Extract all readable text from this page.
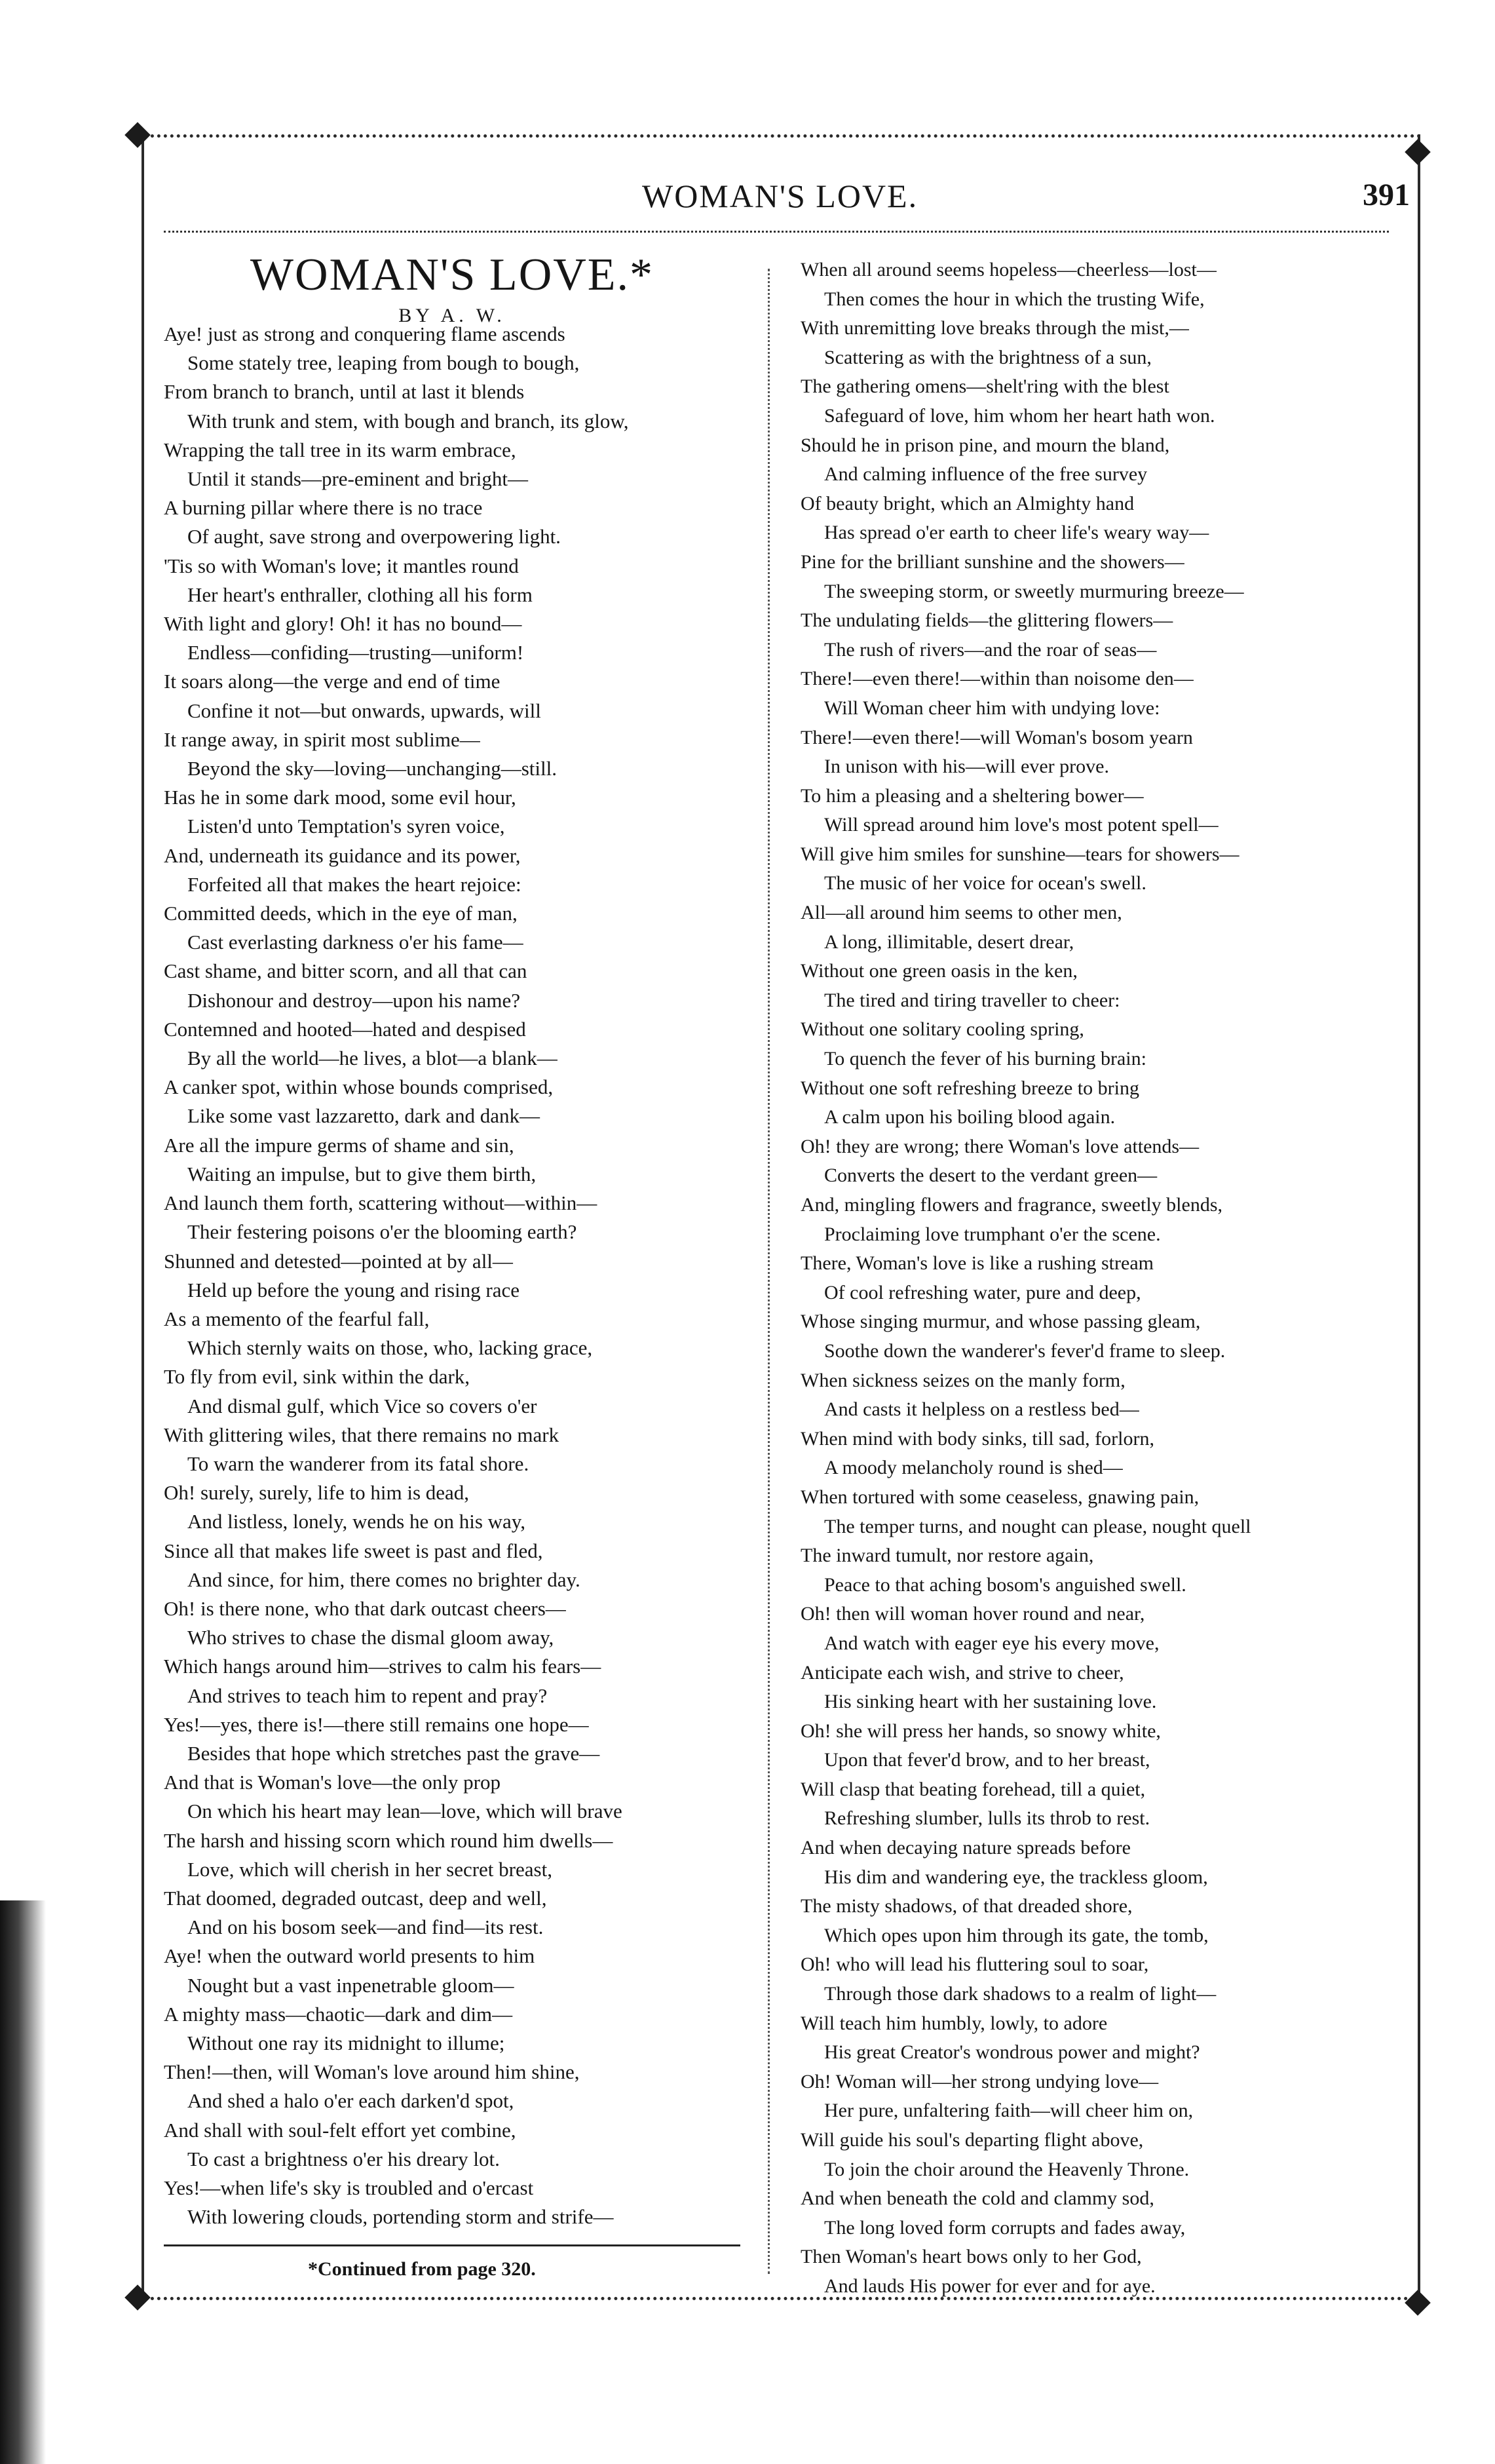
WOMAN'S LOVE.	391
WOMAN'S LOVE.*
BY A. W.
Aye! just as strong and conquering flame ascends
Some stately tree, leaping from bough to bough,
From branch to branch, until at last it blends
With trunk and stem, with bough and branch, its glow,
Wrapping the tall tree in its warm embrace,
Until it stands—pre-eminent and bright—
A burning pillar where there is no trace
Of aught, save strong and overpowering light.
'Tis so with Woman's love; it mantles round
Her heart's enthraller, clothing all his form
With light and glory! Oh! it has no bound—
Endless—confiding—trusting—uniform!
It soars along—the verge and end of time
Confine it not—but onwards, upwards, will
It range away, in spirit most sublime—
Beyond the sky—loving—unchanging—still.
Has he in some dark mood, some evil hour,
Listen'd unto Temptation's syren voice,
And, underneath its guidance and its power,
Forfeited all that makes the heart rejoice:
Committed deeds, which in the eye of man,
Cast everlasting darkness o'er his fame—
Cast shame, and bitter scorn, and all that can
Dishonour and destroy—upon his name?
Contemned and hooted—hated and despised
By all the world—he lives, a blot—a blank—
A canker spot, within whose bounds comprised,
Like some vast lazzaretto, dark and dank—
Are all the impure germs of shame and sin,
Waiting an impulse, but to give them birth,
And launch them forth, scattering without—within—
Their festering poisons o'er the blooming earth?
Shunned and detested—pointed at by all—
Held up before the young and rising race
As a memento of the fearful fall,
Which sternly waits on those, who, lacking grace,
To fly from evil, sink within the dark,
And dismal gulf, which Vice so covers o'er
With glittering wiles, that there remains no mark
To warn the wanderer from its fatal shore.
Oh! surely, surely, life to him is dead,
And listless, lonely, wends he on his way,
Since all that makes life sweet is past and fled,
And since, for him, there comes no brighter day.
Oh! is there none, who that dark outcast cheers—
Who strives to chase the dismal gloom away,
Which hangs around him—strives to calm his fears—
And strives to teach him to repent and pray?
Yes!—yes, there is!—there still remains one hope—
Besides that hope which stretches past the grave—
And that is Woman's love—the only prop
On which his heart may lean—love, which will brave
The harsh and hissing scorn which round him dwells—
Love, which will cherish in her secret breast,
That doomed, degraded outcast, deep and well,
And on his bosom seek—and find—its rest.
Aye! when the outward world presents to him
Nought but a vast inpenetrable gloom—
A mighty mass—chaotic—dark and dim—
Without one ray its midnight to illume;
Then!—then, will Woman's love around him shine,
And shed a halo o'er each darken'd spot,
And shall with soul-felt effort yet combine,
To cast a brightness o'er his dreary lot.
Yes!—when life's sky is troubled and o'ercast
With lowering clouds, portending storm and strife—
When all around seems hopeless—cheerless—lost—
Then comes the hour in which the trusting Wife,
With unremitting love breaks through the mist,—
Scattering as with the brightness of a sun,
The gathering omens—shelt'ring with the blest
Safeguard of love, him whom her heart hath won.
Should he in prison pine, and mourn the bland,
And calming influence of the free survey
Of beauty bright, which an Almighty hand
Has spread o'er earth to cheer life's weary way—
Pine for the brilliant sunshine and the showers—
The sweeping storm, or sweetly murmuring breeze—
The undulating fields—the glittering flowers—
The rush of rivers—and the roar of seas—
There!—even there!—within than noisome den—
Will Woman cheer him with undying love:
There!—even there!—will Woman's bosom yearn
In unison with his—will ever prove.
To him a pleasing and a sheltering bower—
Will spread around him love's most potent spell—
Will give him smiles for sunshine—tears for showers—
The music of her voice for ocean's swell.
All—all around him seems to other men,
A long, illimitable, desert drear,
Without one green oasis in the ken,
The tired and tiring traveller to cheer:
Without one solitary cooling spring,
To quench the fever of his burning brain:
Without one soft refreshing breeze to bring
A calm upon his boiling blood again.
Oh! they are wrong; there Woman's love attends—
Converts the desert to the verdant green—
And, mingling flowers and fragrance, sweetly blends,
Proclaiming love trumphant o'er the scene.
There, Woman's love is like a rushing stream
Of cool refreshing water, pure and deep,
Whose singing murmur, and whose passing gleam,
Soothe down the wanderer's fever'd frame to sleep.
When sickness seizes on the manly form,
And casts it helpless on a restless bed—
When mind with body sinks, till sad, forlorn,
A moody melancholy round is shed—
When tortured with some ceaseless, gnawing pain,
The temper turns, and nought can please, nought quell
The inward tumult, nor restore again,
Peace to that aching bosom's anguished swell.
Oh! then will woman hover round and near,
And watch with eager eye his every move,
Anticipate each wish, and strive to cheer,
His sinking heart with her sustaining love.
Oh! she will press her hands, so snowy white,
Upon that fever'd brow, and to her breast,
Will clasp that beating forehead, till a quiet,
Refreshing slumber, lulls its throb to rest.
And when decaying nature spreads before
His dim and wandering eye, the trackless gloom,
The misty shadows, of that dreaded shore,
Which opes upon him through its gate, the tomb,
Oh! who will lead his fluttering soul to soar,
Through those dark shadows to a realm of light—
Will teach him humbly, lowly, to adore
His great Creator's wondrous power and might?
Oh! Woman will—her strong undying love—
Her pure, unfaltering faith—will cheer him on,
Will guide his soul's departing flight above,
To join the choir around the Heavenly Throne.
And when beneath the cold and clammy sod,
The long loved form corrupts and fades away,
Then Woman's heart bows only to her God,
And lauds His power for ever and for aye.
*Continued from page 320.
